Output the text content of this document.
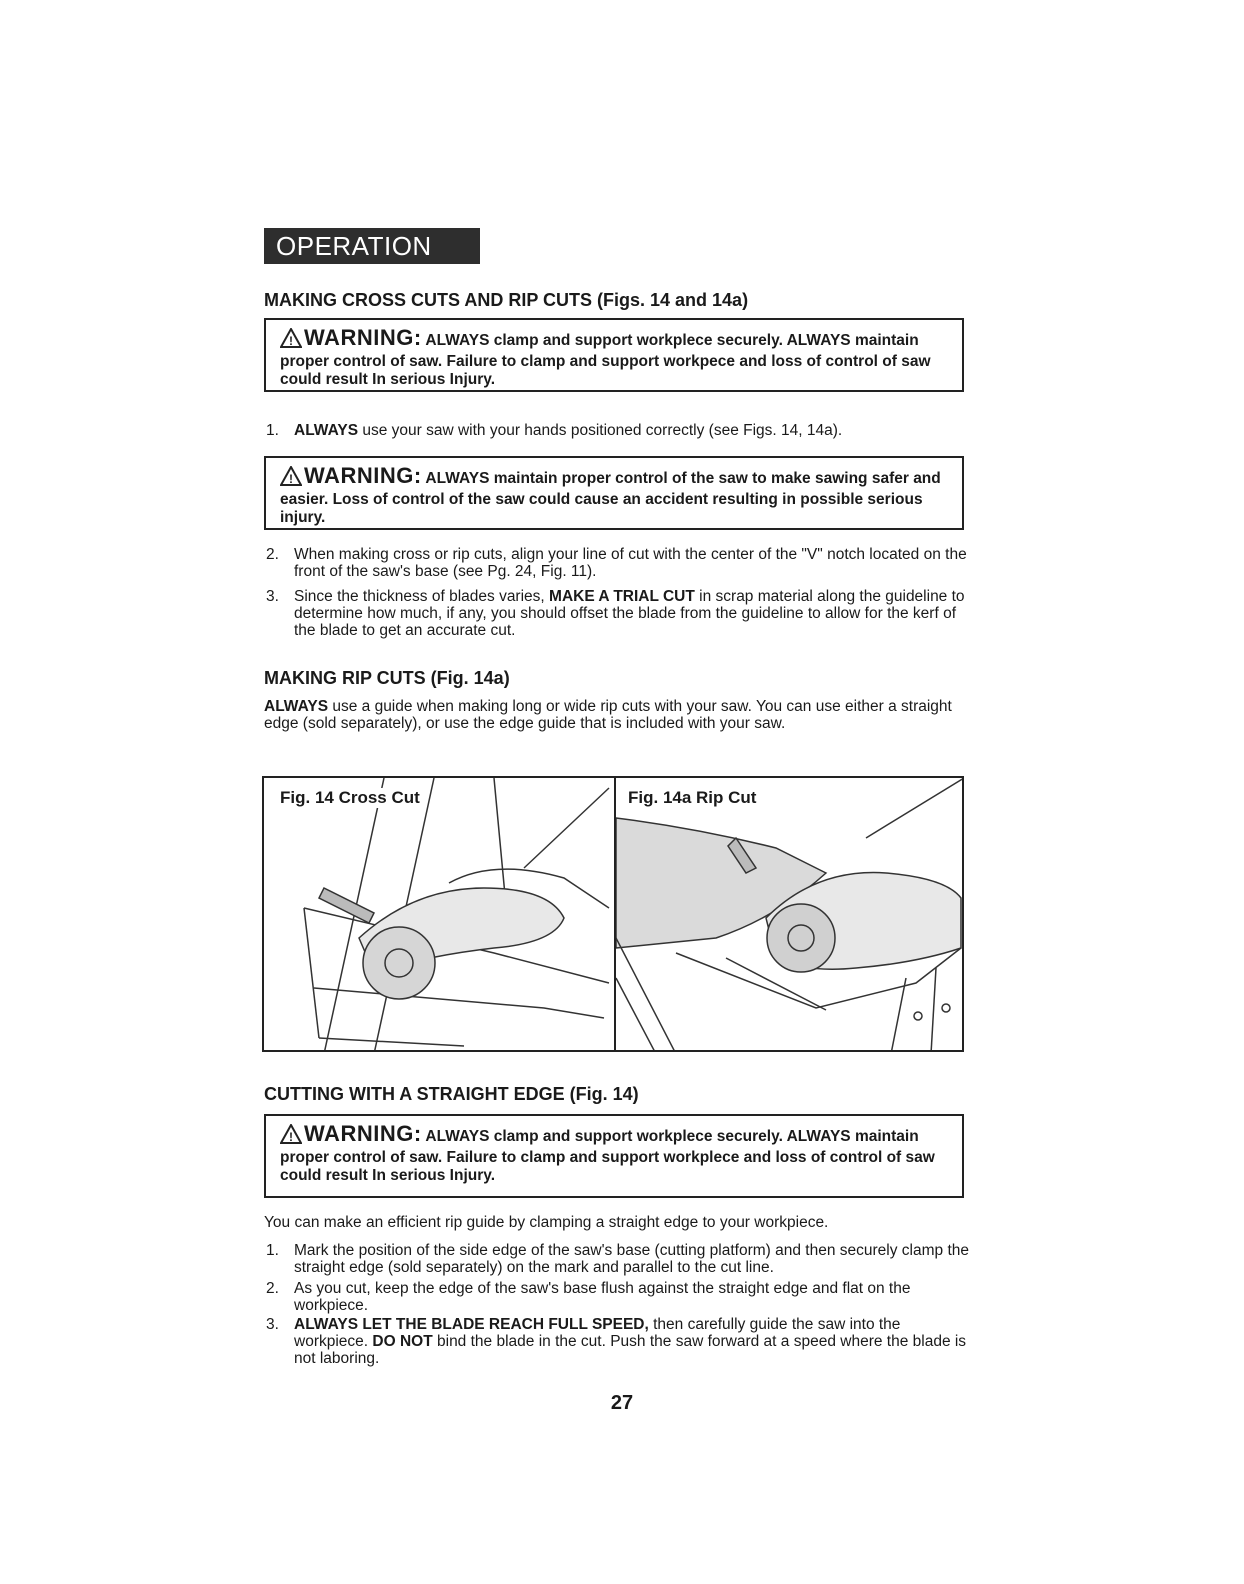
OPERATION cont.
MAKING CROSS CUTS AND RIP CUTS (Figs. 14 and 14a)
! WARNING: ALWAYS clamp and support workplece securely. ALWAYS maintain proper control of saw. Failure to clamp and support workpece and loss of control of saw could result In serious Injury.
1. ALWAYS use your saw with your hands positioned correctly (see Figs. 14, 14a).
! WARNING: ALWAYS maintain proper control of the saw to make sawing safer and easier. Loss of control of the saw could cause an accident resulting in possible serious injury.
2. When making cross or rip cuts, align your line of cut with the center of the "V" notch located on the front of the saw's base (see Pg. 24, Fig. 11).
3. Since the thickness of blades varies, MAKE A TRIAL CUT in scrap material along the guideline to determine how much, if any, you should offset the blade from the guideline to allow for the kerf of the blade to get an accurate cut.
MAKING RIP CUTS (Fig. 14a)

ALWAYS use a guide when making long or wide rip cuts with your saw. You can use either a straight edge (sold separately), or use the edge guide that is included with your saw.

Fig. 14 Cross Cut	Fig. 14a Rip Cut
CUTTING WITH A STRAIGHT EDGE (Fig. 14)
! WARNING: ALWAYS clamp and support workplece securely. ALWAYS maintain proper control of saw. Failure to clamp and support workplece and loss of control of saw could result In serious Injury.

You can make an efficient rip guide by clamping a straight edge to your workpiece.

1. Mark the position of the side edge of the saw's base (cutting platform) and then securely clamp the straight edge (sold separately) on the mark and parallel to the cut line.
2. As you cut, keep the edge of the saw's base flush against the straight edge and flat on the workpiece.
3. ALWAYS LET THE BLADE REACH FULL SPEED, then carefully guide the saw into the workpiece. DO NOT bind the blade in the cut. Push the saw forward at a speed where the blade is not laboring.
27
